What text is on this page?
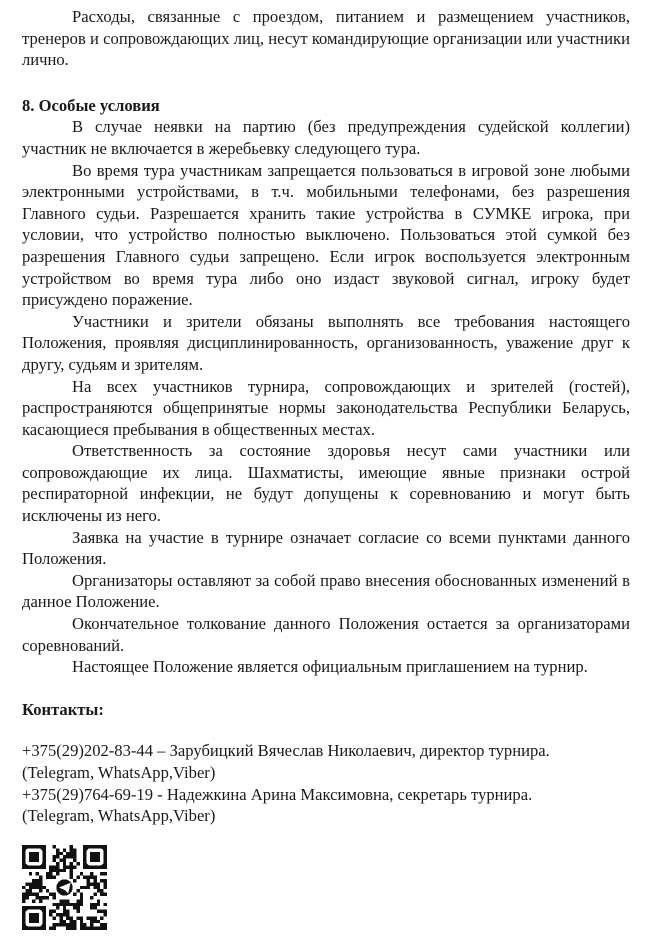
Расходы, связанные с проездом, питанием и размещением участников, тренеров и сопровождающих лиц, несут командирующие организации или участники лично.

8. Особые условия

В случае неявки на партию (без предупреждения судейской коллегии) участник не включается в жеребьевку следующего тура.

Во время тура участникам запрещается пользоваться в игровой зоне любыми электронными устройствами, в т.ч. мобильными телефонами, без разрешения Главного судьи. Разрешается хранить такие устройства в СУМКЕ игрока, при условии, что устройство полностью выключено. Пользоваться этой сумкой без разрешения Главного судьи запрещено. Если игрок воспользуется электронным устройством во время тура либо оно издаст звуковой сигнал, игроку будет присуждено поражение.

Участники и зрители обязаны выполнять все требования настоящего Положения, проявляя дисциплинированность, организованность, уважение друг к другу, судьям и зрителям.

На всех участников турнира, сопровождающих и зрителей (гостей), распространяются общепринятые нормы законодательства Республики Беларусь, касающиеся пребывания в общественных местах.

Ответственность за состояние здоровья несут сами участники или сопровождающие их лица. Шахматисты, имеющие явные признаки острой респираторной инфекции, не будут допущены к соревнованию и могут быть исключены из него.

Заявка на участие в турнире означает согласие со всеми пунктами данного Положения.

Организаторы оставляют за собой право внесения обоснованных изменений в данное Положение.

Окончательное толкование данного Положения остается за организаторами соревнований.

Настоящее Положение является официальным приглашением на турнир.

Контакты:

+375(29)202-83-44 – Зарубицкий Вячеслав Николаевич, директор турнира.

(Telegram, WhatsApp,Viber)

+375(29)764-69-19 - Надежкина Арина Максимовна, секретарь турнира.

(Telegram, WhatsApp,Viber)
